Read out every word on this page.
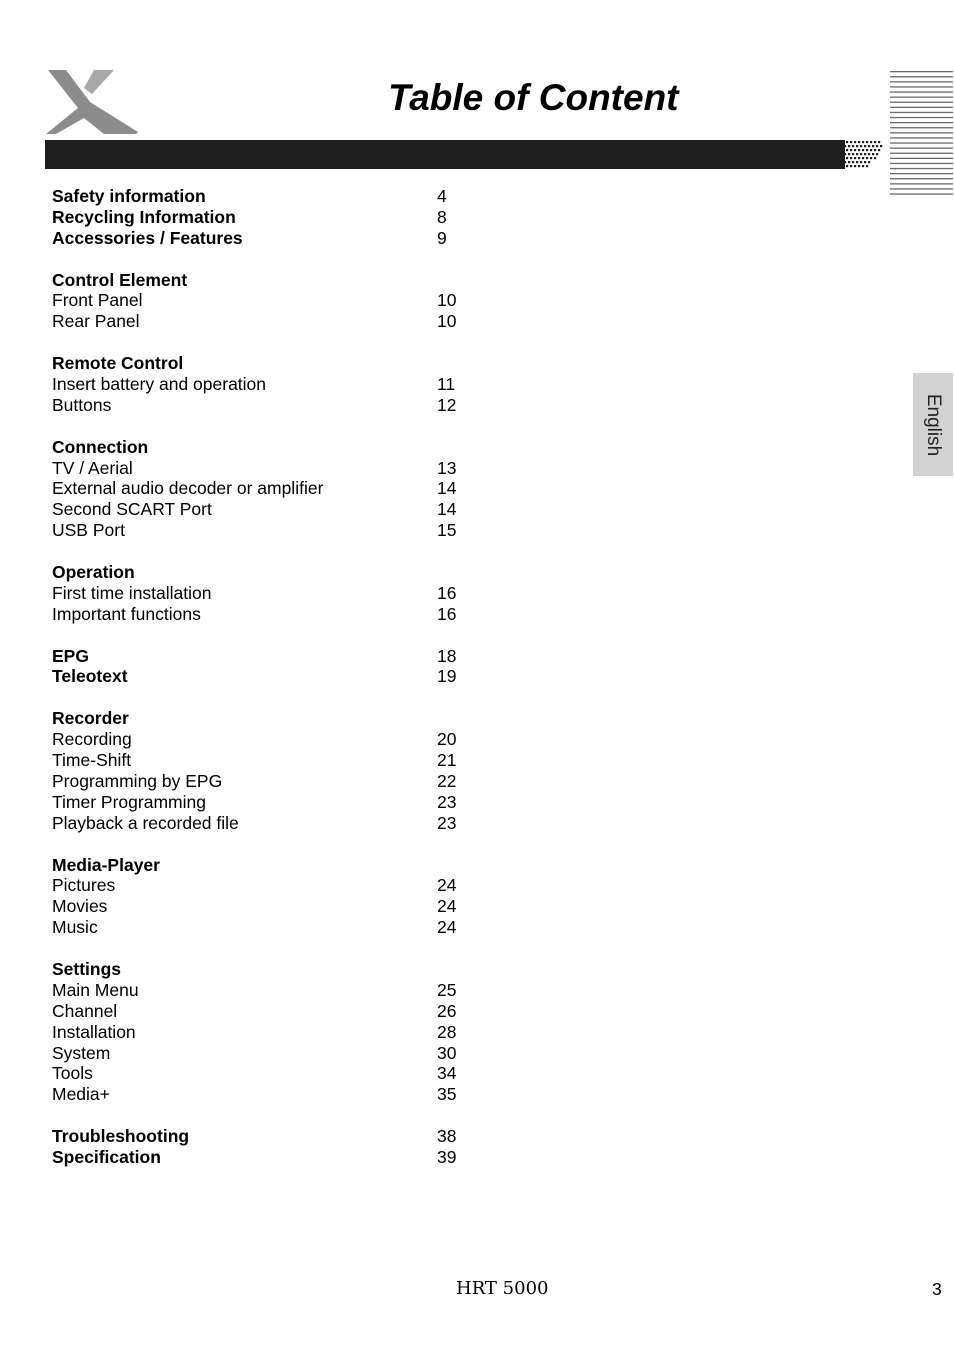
Table of Content
English
Safety information	4
Recycling Information	8
Accessories / Features	9
Control Element
Front Panel	10
Rear Panel	10
Remote Control
Insert battery and operation	11
Buttons	12
Connection
TV / Aerial	13
External audio decoder or amplifier	14
Second SCART Port	14
USB Port	15
Operation
First time installation	16
Important functions	16
EPG	18
Teleotext	19
Recorder
Recording	20
Time-Shift	21
Programming by EPG	22
Timer Programming	23
Playback a recorded file	23
Media-Player
Pictures	24
Movies	24
Music	24
Settings
Main Menu	25
Channel	26
Installation	28
System	30
Tools	34
Media+	35
Troubleshooting	38
Specification	39
HRT 5000	3
